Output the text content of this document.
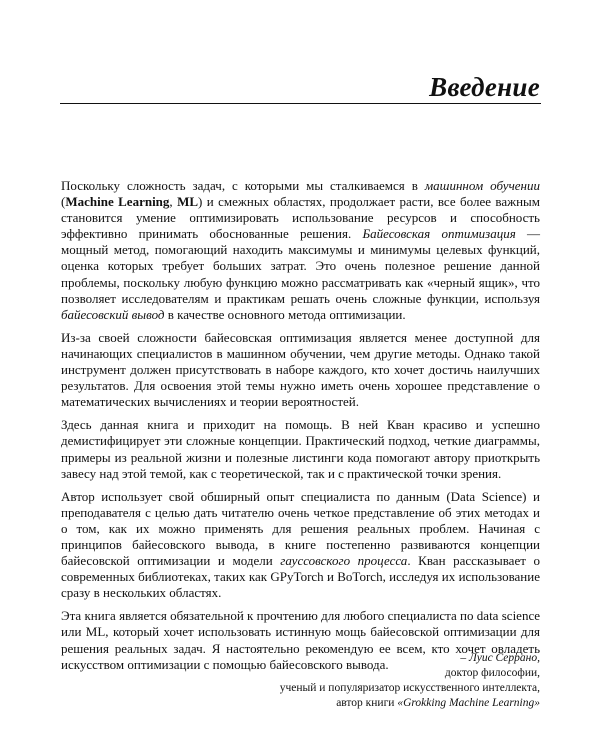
Введение

Поскольку сложность задач, с которыми мы сталкиваемся в машинном обучении (Machine Learning, ML) и смежных областях, продолжает расти, все более важным становится умение оптимизировать использование ресурсов и способность эффективно принимать обоснованные решения. Байесовская оптимизация — мощный метод, помогающий находить максимумы и минимумы целевых функций, оценка которых требует больших затрат. Это очень полезное решение данной проблемы, поскольку любую функцию можно рассматривать как «черный ящик», что позволяет исследователям и практикам решать очень сложные функции, используя байесовский вывод в качестве основного метода оптимизации.

Из-за своей сложности байесовская оптимизация является менее доступной для начинающих специалистов в машинном обучении, чем другие методы. Однако такой инструмент должен присутствовать в наборе каждого, кто хочет достичь наилучших результатов. Для освоения этой темы нужно иметь очень хорошее представление о математических вычислениях и теории вероятностей.

Здесь данная книга и приходит на помощь. В ней Кван красиво и успешно демистифицирует эти сложные концепции. Практический подход, четкие диаграммы, примеры из реальной жизни и полезные листинги кода помогают автору приоткрыть завесу над этой темой, как с теоретической, так и с практической точки зрения.

Автор использует свой обширный опыт специалиста по данным (Data Science) и преподавателя с целью дать читателю очень четкое представление об этих методах и о том, как их можно применять для решения реальных проблем. Начиная с принципов байесовского вывода, в книге постепенно развиваются концепции байесовской оптимизации и модели гауссовского процесса. Кван рассказывает о современных библиотеках, таких как GPyTorch и BoTorch, исследуя их использование сразу в нескольких областях.

Эта книга является обязательной к прочтению для любого специалиста по data science или ML, который хочет использовать истинную мощь байесовской оптимизации для решения реальных задач. Я настоятельно рекомендую ее всем, кто хочет овладеть искусством оптимизации с помощью байесовского вывода.	– Луис Серрано,
доктор философии,
ученый и популяризатор искусственного интеллекта,
автор книги «Grokking Machine Learning»
